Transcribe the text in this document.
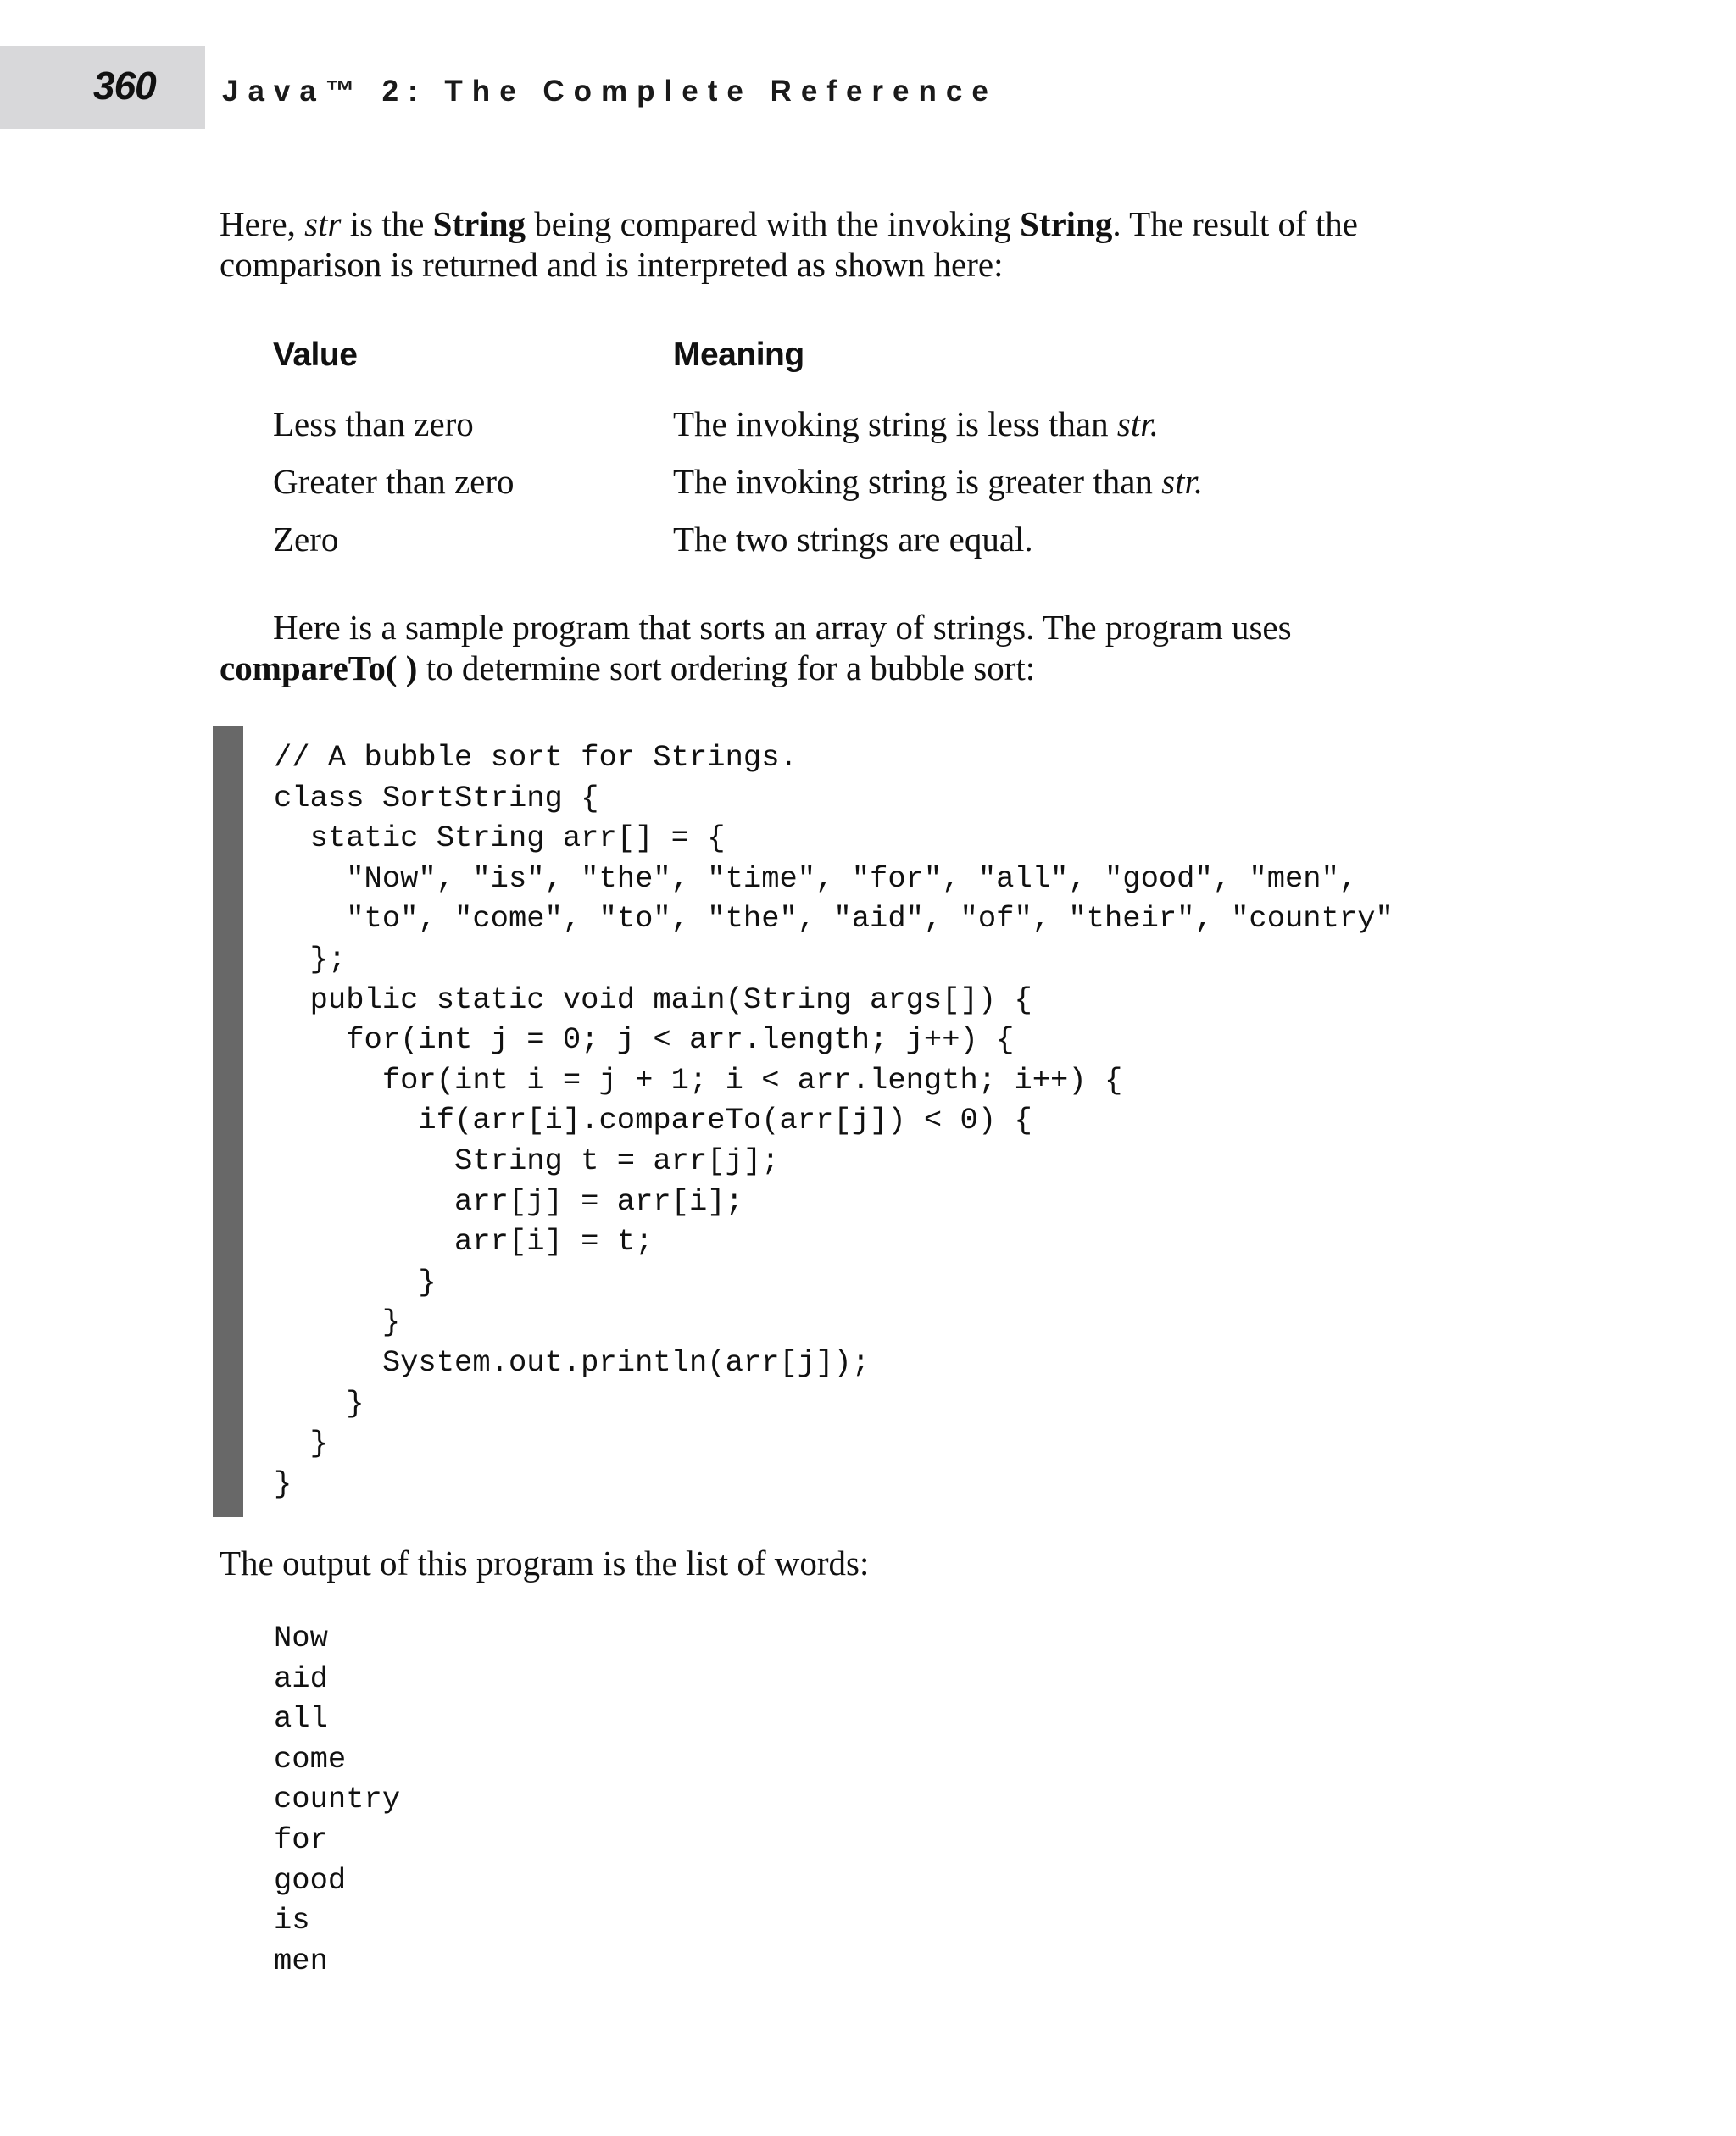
360 Java™ 2: The Complete Reference
Here, str is the String being compared with the invoking String. The result of the
comparison is returned and is interpreted as shown here:
Value	Meaning
Less than zero	The invoking string is less than str.
Greater than zero	The invoking string is greater than str.
Zero	The two strings are equal.
Here is a sample program that sorts an array of strings. The program uses
compareTo( ) to determine sort ordering for a bubble sort:
// A bubble sort for Strings.
class SortString {
static String arr[] = {
"Now", "is", "the", "time", "for", "all", "good", "men",
"to", "come", "to", "the", "aid", "of", "their", "country"
};
public static void main(String args[]) {
for(int j = 0; j < arr.length; j++) {
for(int i = j + 1; i < arr.length; i++) {
if(arr[i].compareTo(arr[j]) < 0) {
String t = arr[j];
arr[j] = arr[i];
arr[i] = t;
}
}
System.out.println(arr[j]);
}
}
}
The output of this program is the list of words:
Now
aid
all
come
country
for
good
is
men
